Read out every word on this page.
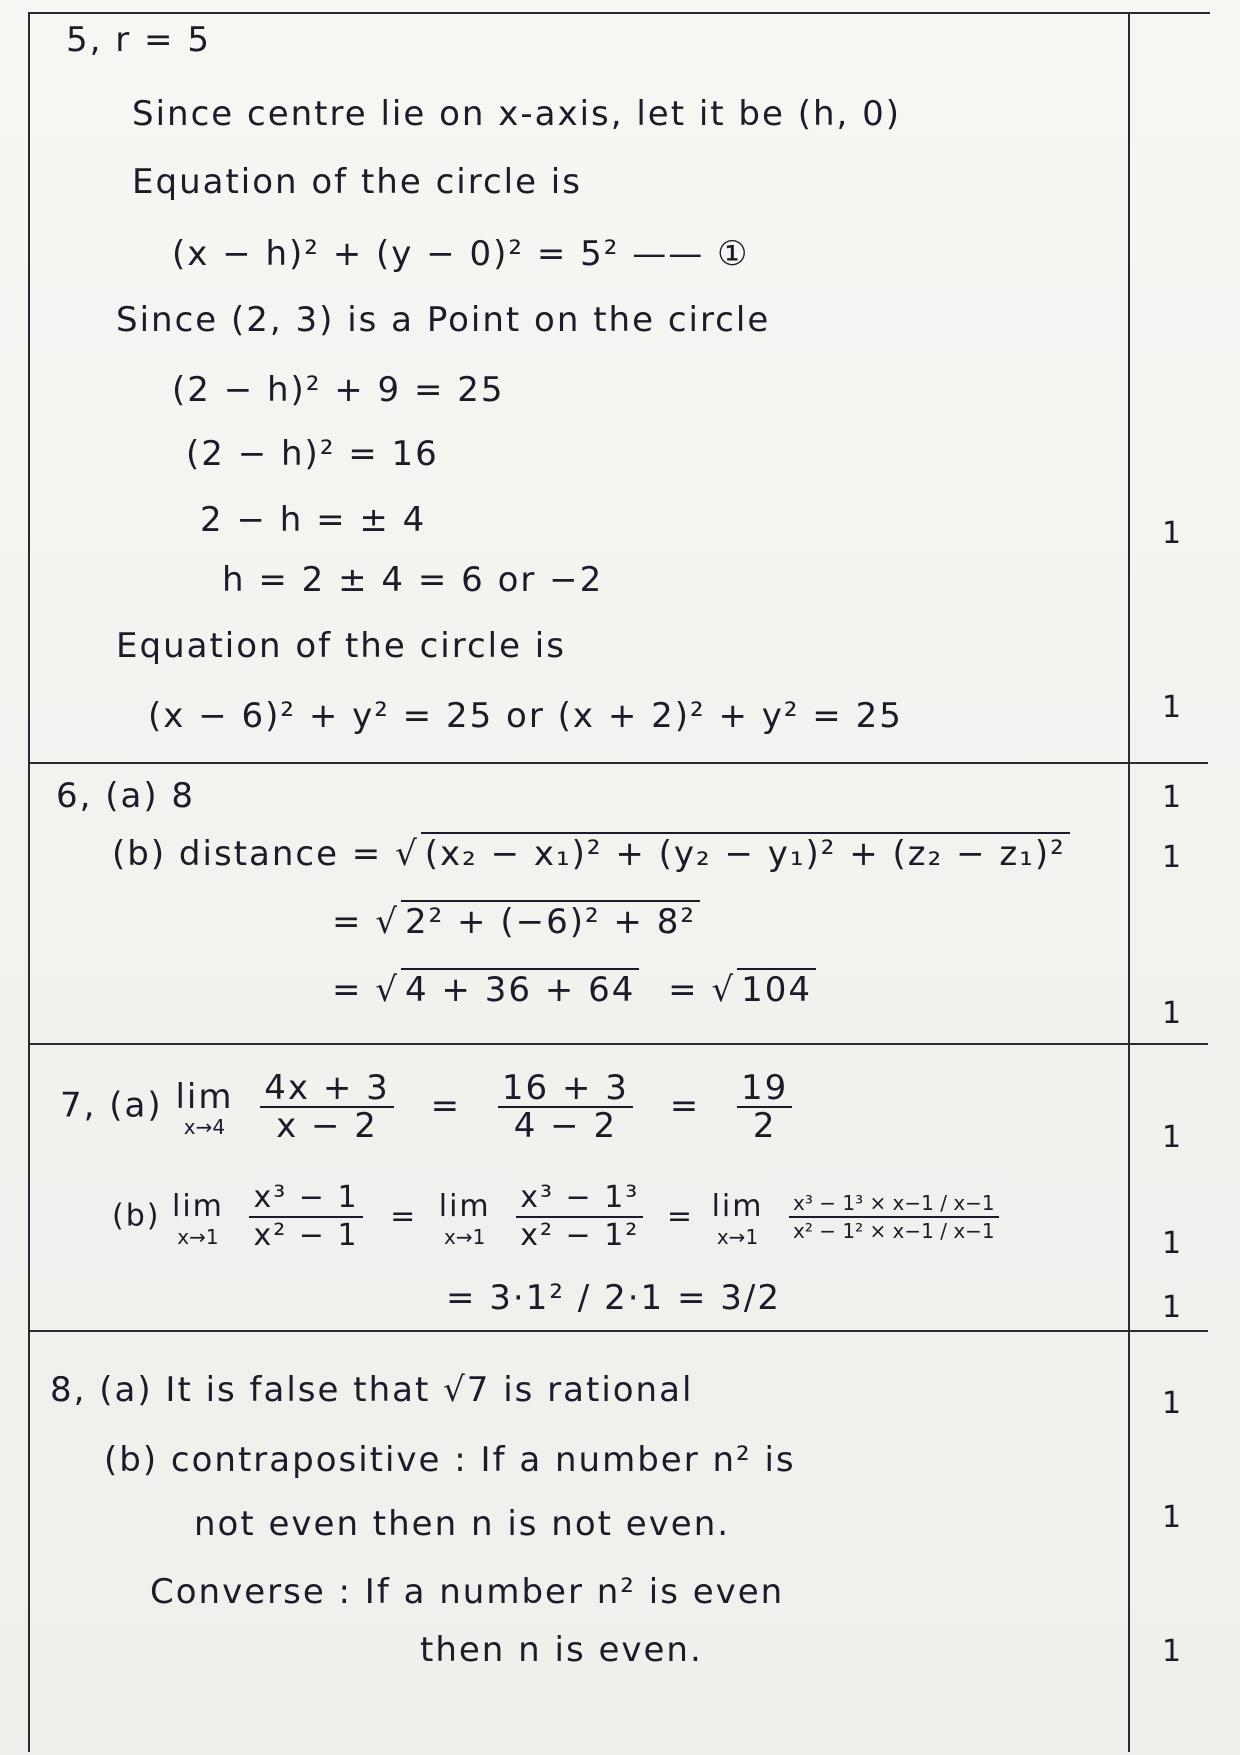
5, r = 5
Since centre lie on x-axis, let it be (h, 0)
Equation of the circle is
(x − h)² + (y − 0)² = 5² —— ①
Since (2, 3) is a Point on the circle
(2 − h)² + 9 = 25
(2 − h)² = 16
2 − h = ± 4
h = 2 ± 4 = 6 or −2
Equation of the circle is
(x − 6)² + y² = 25 or (x + 2)² + y² = 25
6, (a) 8
(b) distance = √ (x₂ − x₁)² + (y₂ − y₁)² + (z₂ − z₁)²
= √ 2² + (−6)² + 8²
= √ 4 + 36 + 64 = √ 104
7, (a) lim
x→4
$\frac{4x + 3}{x - 2} = \frac{16 + 3}{4 - 2} = \frac{19}{2}$
(b) lim
x→1
$\frac{\text{x³ − 1}}{\text{x² − 1}} = \lim$
x→1
$\frac{\text{x³ − 1³}}{\text{x² − 1²}} = \lim$
x→1
$\frac{\text{x³ − 1³ × x−1 / x−1}}{\text{x² − 1² × x−1 / x−1}}$
= 3·1² / 2·1 = 3/2
8, (a) It is false that √7 is rational
(b) contrapositive : If a number n² is
not even then n is not even.
Converse : If a number n² is even
then n is even.
1
1
1
1
1
1
1
1
1
1
1
